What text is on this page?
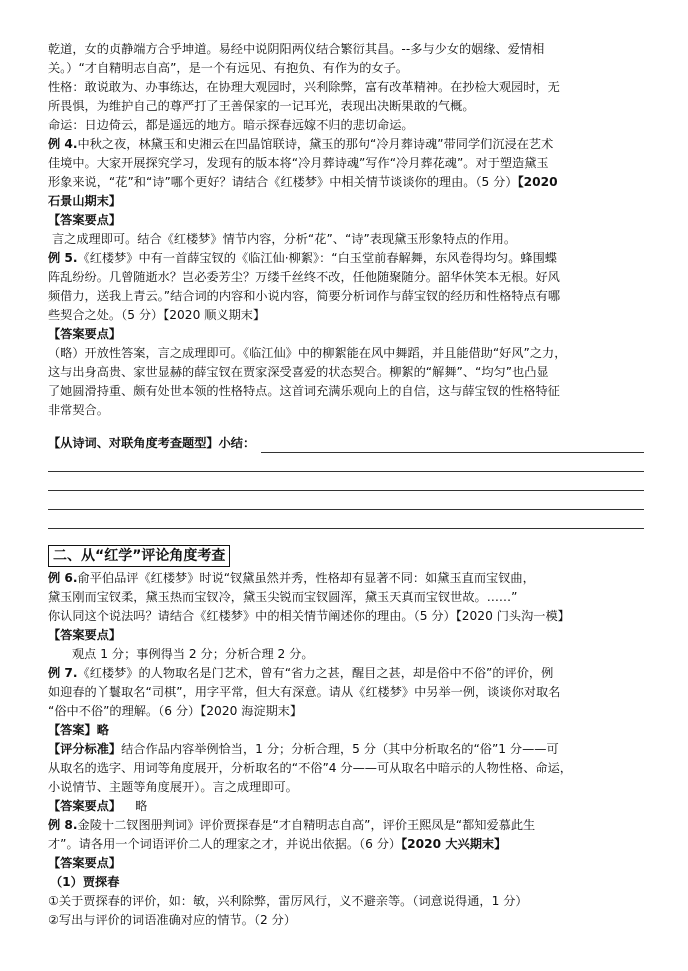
乾道，女的贞静端方合乎坤道。易经中说阴阳两仪结合繁衍其昌。--多与少女的姻缘、爱情相

关。）“才自精明志自高”，是一个有远见、有抱负、有作为的女子。

性格：敢说敢为、办事练达，在协理大观园时，兴利除弊，富有改革精神。在抄检大观园时，无

所畏惧，为维护自己的尊严打了王善保家的一记耳光，表现出决断果敢的气概。

命运：日边倚云，都是遥远的地方。暗示探春远嫁不归的悲切命运。

例 4.中秋之夜，林黛玉和史湘云在凹晶馆联诗，黛玉的那句“冷月葬诗魂”带同学们沉浸在艺术

佳境中。大家开展探究学习，发现有的版本将“冷月葬诗魂”写作“冷月葬花魂”。对于塑造黛玉

形象来说，“花”和“诗”哪个更好？请结合《红楼梦》中相关情节谈谈你的理由。（5 分）【2020

石景山期末】

【答案要点】

言之成理即可。结合《红楼梦》情节内容，分析“花”、“诗”表现黛玉形象特点的作用。

例 5.《红楼梦》中有一首薛宝钗的《临江仙·柳絮》：“白玉堂前春解舞，东风卷得均匀。蜂围蝶

阵乱纷纷。几曾随逝水？岂必委芳尘？万缕千丝终不改，任他随聚随分。韶华休笑本无根。好风

频借力，送我上青云。”结合词的内容和小说内容，简要分析词作与薛宝钗的经历和性格特点有哪

些契合之处。（5 分）【2020 顺义期末】

【答案要点】

（略）开放性答案，言之成理即可。《临江仙》中的柳絮能在风中舞蹈，并且能借助“好风”之力，

这与出身高贵、家世显赫的薛宝钗在贾家深受喜爱的状态契合。柳絮的“解舞”、“均匀”也凸显

了她圆滑持重、颇有处世本领的性格特点。这首词充满乐观向上的自信，这与薛宝钗的性格特征

非常契合。

【从诗词、对联角度考查题型】小结：
二、从“红学”评论角度考查

例 6.俞平伯品评《红楼梦》时说“钗黛虽然并秀，性格却有显著不同：如黛玉直而宝钗曲，

黛玉刚而宝钗柔，黛玉热而宝钗冷，黛玉尖锐而宝钗圆浑，黛玉天真而宝钗世故。……”

你认同这个说法吗？请结合《红楼梦》中的相关情节阐述你的理由。（5 分）【2020 门头沟一模】

【答案要点】

观点 1 分；事例得当 2 分；分析合理 2 分。

例 7.《红楼梦》的人物取名是门艺术，曾有“省力之甚，醒目之甚，却是俗中不俗”的评价，例

如迎春的丫鬟取名“司棋”，用字平常，但大有深意。请从《红楼梦》中另举一例，谈谈你对取名

“俗中不俗”的理解。（6 分）【2020 海淀期末】

【答案】略

【评分标准】结合作品内容举例恰当，1 分；分析合理，5 分（其中分析取名的“俗”1 分——可

从取名的选字、用词等角度展开，分析取名的“不俗”4 分——可从取名中暗示的人物性格、命运，

小说情节、主题等角度展开）。言之成理即可。

【答案要点】 略

例 8.金陵十二钗图册判词》评价贾探春是“才自精明志自高”，评价王熙凤是“都知爱慕此生

才”。请各用一个词语评价二人的理家之才，并说出依据。（6 分）【2020 大兴期末】

【答案要点】

（1）贾探春

①关于贾探春的评价，如：敏，兴利除弊，雷厉风行，义不避亲等。（词意说得通，1 分）

②写出与评价的词语准确对应的情节。（2 分）
